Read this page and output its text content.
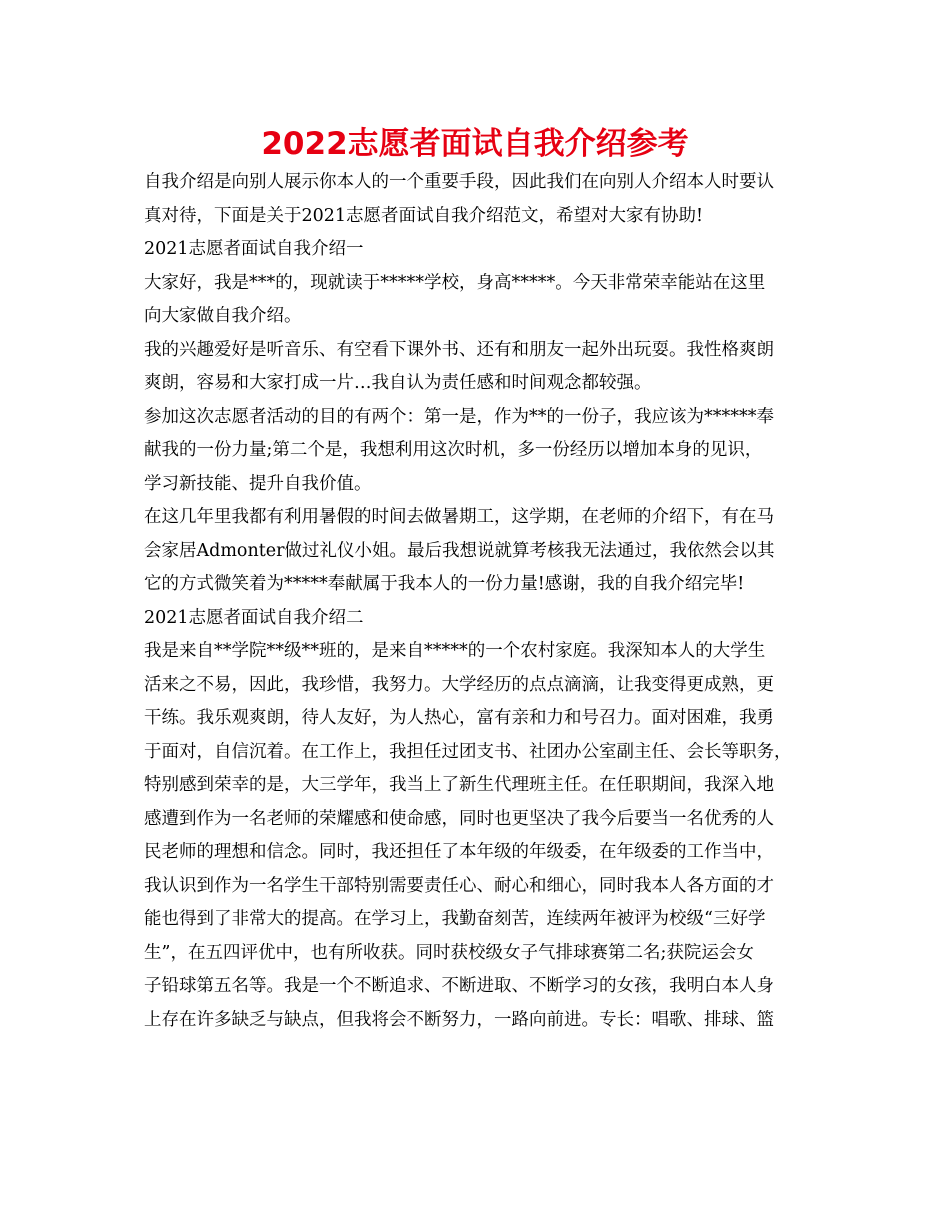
2022志愿者面试自我介绍参考
自我介绍是向别人展示你本人的一个重要手段，因此我们在向别人介绍本人时要认
真对待，下面是关于2021志愿者面试自我介绍范文，希望对大家有协助!
2021志愿者面试自我介绍一
大家好，我是***的，现就读于*****学校，身高*****。今天非常荣幸能站在这里
向大家做自我介绍。
我的兴趣爱好是听音乐、有空看下课外书、还有和朋友一起外出玩耍。我性格爽朗
爽朗，容易和大家打成一片…我自认为责任感和时间观念都较强。
参加这次志愿者活动的目的有两个：第一是，作为**的一份子，我应该为******奉
献我的一份力量;第二个是，我想利用这次时机，多一份经历以增加本身的见识，
学习新技能、提升自我价值。
在这几年里我都有利用暑假的时间去做暑期工，这学期，在老师的介绍下，有在马
会家居Admonter做过礼仪小姐。最后我想说就算考核我无法通过，我依然会以其
它的方式微笑着为*****奉献属于我本人的一份力量!感谢，我的自我介绍完毕!
2021志愿者面试自我介绍二
我是来自**学院**级**班的，是来自*****的一个农村家庭。我深知本人的大学生
活来之不易，因此，我珍惜，我努力。大学经历的点点滴滴，让我变得更成熟，更
干练。我乐观爽朗，待人友好，为人热心，富有亲和力和号召力。面对困难，我勇
于面对，自信沉着。在工作上，我担任过团支书、社团办公室副主任、会长等职务，
特别感到荣幸的是，大三学年，我当上了新生代理班主任。在任职期间，我深入地
感遭到作为一名老师的荣耀感和使命感，同时也更坚决了我今后要当一名优秀的人
民老师的理想和信念。同时，我还担任了本年级的年级委，在年级委的工作当中，
我认识到作为一名学生干部特别需要责任心、耐心和细心，同时我本人各方面的才
能也得到了非常大的提高。在学习上，我勤奋刻苦，连续两年被评为校级“三好学
生”，在五四评优中，也有所收获。同时获校级女子气排球赛第二名;获院运会女
子铅球第五名等。我是一个不断追求、不断进取、不断学习的女孩，我明白本人身
上存在许多缺乏与缺点，但我将会不断努力，一路向前进。专长：唱歌、排球、篮
